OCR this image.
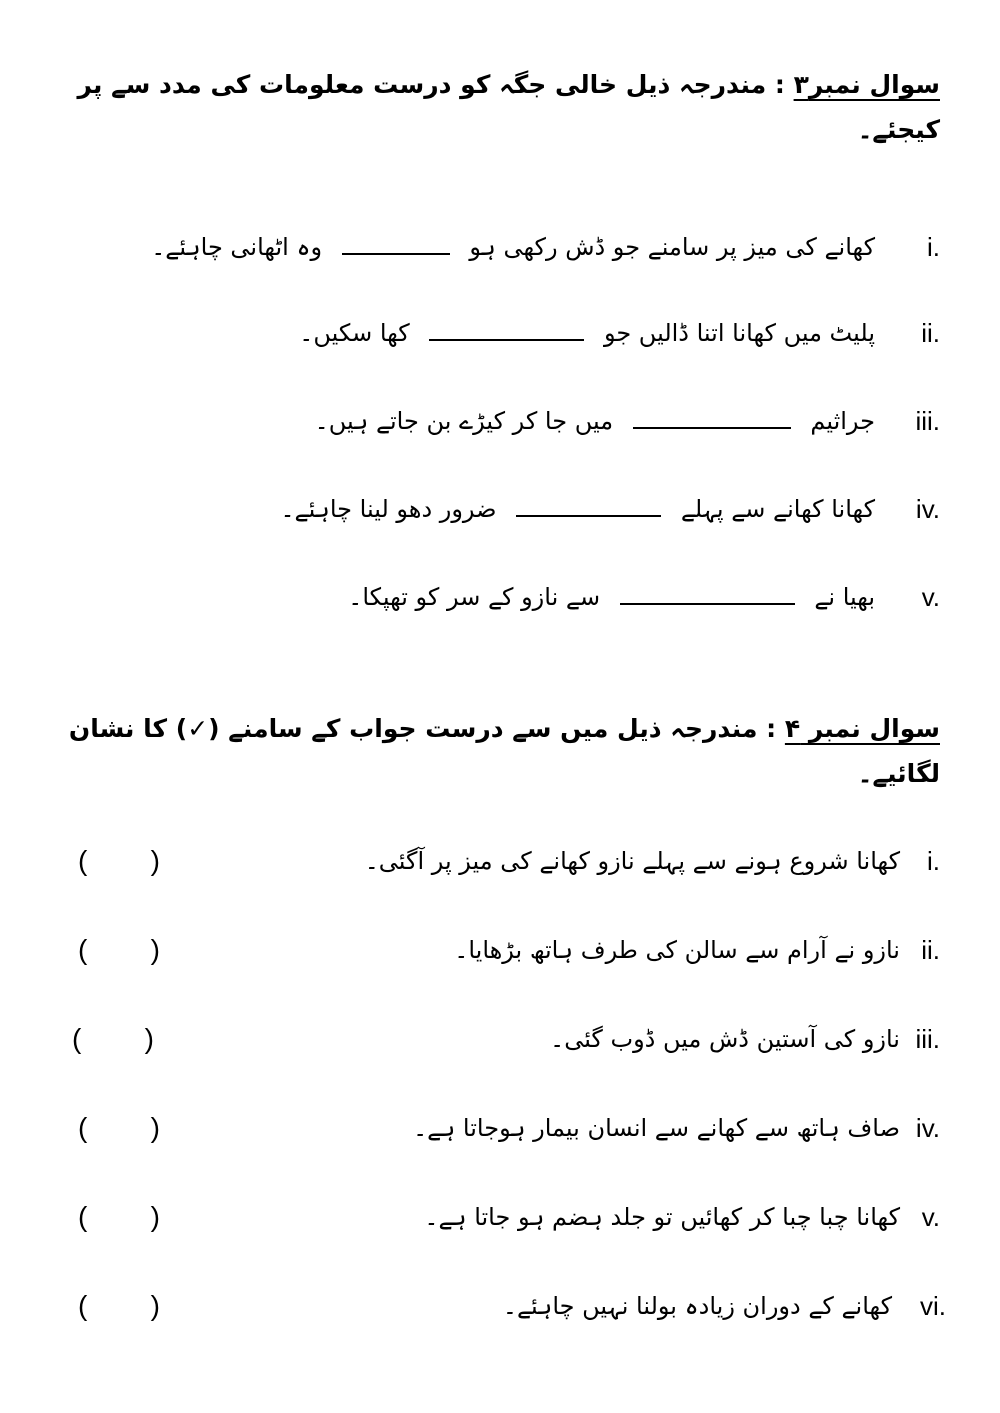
سوال نمبر۳ : مندرجہ ذیل خالی جگہ کو درست معلومات کی مدد سے پر کیجئے۔
i.
کھانے کی میز پر سامنے جو ڈش رکھی ہو  وہ اٹھانی چاہئے۔
ii.
پلیٹ میں کھانا اتنا ڈالیں جو  کھا سکیں۔
iii.
جراثیم  میں جا کر کیڑے بن جاتے ہیں۔
iv.
کھانا کھانے سے پہلے  ضرور دھو لینا چاہئے۔
v.
بھیا نے  سے نازو کے سر کو تھپکا۔
سوال نمبر ۴ : مندرجہ ذیل میں سے درست جواب کے سامنے (✓) کا نشان لگائیے۔
i.
کھانا شروع ہونے سے پہلے نازو کھانے کی میز پر آگئی۔
( )
ii.
نازو نے آرام سے سالن کی طرف ہاتھ بڑھایا۔
( )
iii.
نازو کی آستین ڈش میں ڈوب گئی۔
( )
iv.
صاف ہاتھ سے کھانے سے انسان بیمار ہوجاتا ہے۔
( )
v.
کھانا چبا چبا کر کھائیں تو جلد ہضم ہو جاتا ہے۔
( )
vi.
کھانے کے دوران زیادہ بولنا نہیں چاہئے۔
( )
